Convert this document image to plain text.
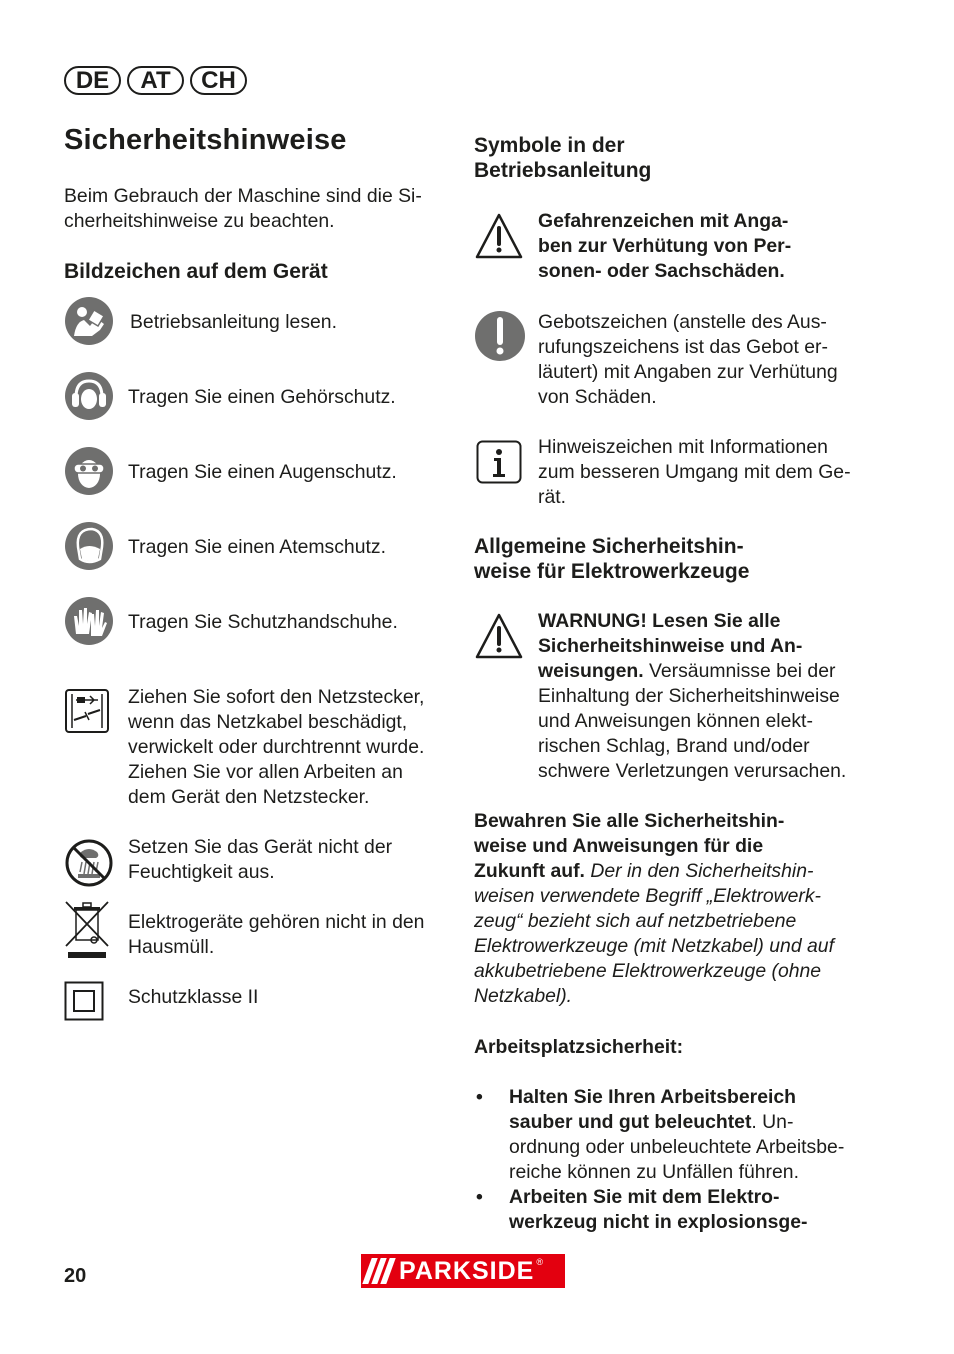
DE	AT	CH
Sicherheitshinweise
Beim Gebrauch der Maschine sind die Si-
cherheitshinweise zu beachten.
Bildzeichen auf dem Gerät
Betriebsanleitung lesen.
Tragen Sie einen Gehörschutz.
Tragen Sie einen Augenschutz.
Tragen Sie einen Atemschutz.
Tragen Sie Schutzhandschuhe.
Ziehen Sie sofort den Netzstecker,
wenn das Netzkabel beschädigt,
verwickelt oder durchtrennt wurde.
Ziehen Sie vor allen Arbeiten an
dem Gerät den Netzstecker.
Setzen Sie das Gerät nicht der
Feuchtigkeit aus.
Elektrogeräte gehören nicht in den
Hausmüll.
Schutzklasse II
Symbole in der
Betriebsanleitung
Gefahrenzeichen mit Anga-
ben zur Verhütung von Per-
sonen- oder Sachschäden.
Gebotszeichen (anstelle des Aus-
rufungszeichens ist das Gebot er-
läutert) mit Angaben zur Verhütung
von Schäden.
Hinweiszeichen mit Informationen
zum besseren Umgang mit dem Ge-
rät.
Allgemeine Sicherheitshin-
weise für Elektrowerkzeuge
WARNUNG! Lesen Sie alle
Sicherheitshinweise und An-
weisungen. Versäumnisse bei der
Einhaltung der Sicherheitshinweise
und Anweisungen können elekt-
rischen Schlag, Brand und/oder
schwere Verletzungen verursachen.
Bewahren Sie alle Sicherheitshin-
weise und Anweisungen für die
Zukunft auf. Der in den Sicherheitshin-
weisen verwendete Begriff „Elektrowerk-
zeug“ bezieht sich auf netzbetriebene
Elektrowerkzeuge (mit Netzkabel) und auf
akkubetriebene Elektrowerkzeuge (ohne
Netzkabel).
Arbeitsplatzsicherheit:
• Halten Sie Ihren Arbeitsbereich
sauber und gut beleuchtet. Un-
ordnung oder unbeleuchtete Arbeitsbe-
reiche können zu Unfällen führen.
• Arbeiten Sie mit dem Elektro-
werkzeug nicht in explosionsge-
20	PARKSIDE ®
